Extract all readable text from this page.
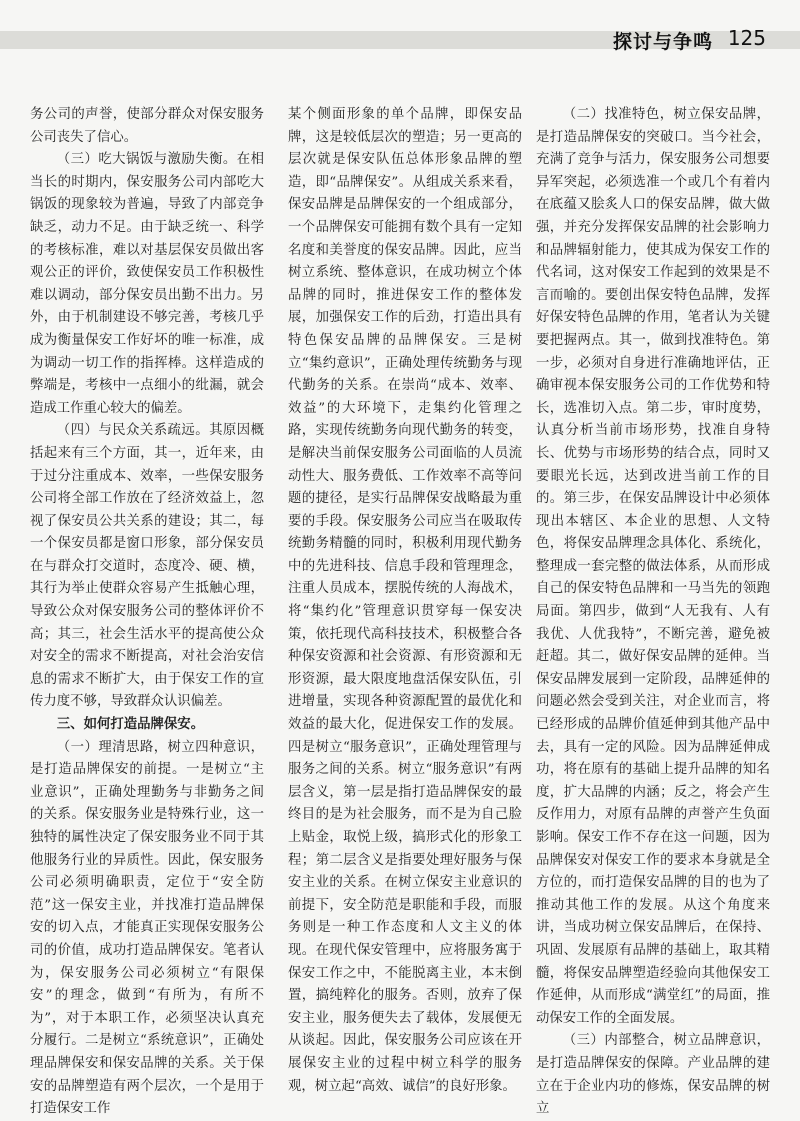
探讨与争鸣 125

务公司的声誉，使部分群众对保安服务公司丧失了信心。

（三）吃大锅饭与激励失衡。在相当长的时期内，保安服务公司内部吃大锅饭的现象较为普遍，导致了内部竞争缺乏，动力不足。由于缺乏统一、科学的考核标准，难以对基层保安员做出客观公正的评价，致使保安员工作积极性难以调动，部分保安员出勤不出力。另外，由于机制建设不够完善，考核几乎成为衡量保安工作好坏的唯一标准，成为调动一切工作的指挥棒。这样造成的弊端是，考核中一点细小的纰漏，就会造成工作重心较大的偏差。

（四）与民众关系疏远。其原因概括起来有三个方面，其一，近年来，由于过分注重成本、效率，一些保安服务公司将全部工作放在了经济效益上，忽视了保安员公共关系的建设；其二，每一个保安员都是窗口形象，部分保安员在与群众打交道时，态度冷、硬、横，其行为举止使群众容易产生抵触心理，导致公众对保安服务公司的整体评价不高；其三，社会生活水平的提高使公众对安全的需求不断提高，对社会治安信息的需求不断扩大，由于保安工作的宣传力度不够，导致群众认识偏差。

三、如何打造品牌保安。

（一）理清思路，树立四种意识，是打造品牌保安的前提。一是树立“主业意识”，正确处理勤务与非勤务之间的关系。保安服务业是特殊行业，这一独特的属性决定了保安服务业不同于其他服务行业的异质性。因此，保安服务公司必须明确职责，定位于“安全防范”这一保安主业，并找准打造品牌保安的切入点，才能真正实现保安服务公司的价值，成功打造品牌保安。笔者认为，保安服务公司必须树立“有限保安”的理念，做到“有所为，有所不为”，对于本职工作，必须坚决认真充分履行。二是树立“系统意识”，正确处理品牌保安和保安品牌的关系。关于保安的品牌塑造有两个层次，一个是用于打造保安工作

某个侧面形象的单个品牌，即保安品牌，这是较低层次的塑造；另一更高的层次就是保安队伍总体形象品牌的塑造，即“品牌保安”。从组成关系来看，保安品牌是品牌保安的一个组成部分，一个品牌保安可能拥有数个具有一定知名度和美誉度的保安品牌。因此，应当树立系统、整体意识，在成功树立个体品牌的同时，推进保安工作的整体发展，加强保安工作的后劲，打造出具有特色保安品牌的品牌保安。三是树立“集约意识”，正确处理传统勤务与现代勤务的关系。在崇尚“成本、效率、效益”的大环境下，走集约化管理之路，实现传统勤务向现代勤务的转变，是解决当前保安服务公司面临的人员流动性大、服务费低、工作效率不高等问题的捷径，是实行品牌保安战略最为重要的手段。保安服务公司应当在吸取传统勤务精髓的同时，积极利用现代勤务中的先进科技、信息手段和管理理念，注重人员成本，摆脱传统的人海战术，将“集约化”管理意识贯穿每一保安决策，依托现代高科技技术，积极整合各种保安资源和社会资源、有形资源和无形资源，最大限度地盘活保安队伍，引进增量，实现各种资源配置的最优化和效益的最大化，促进保安工作的发展。四是树立“服务意识”，正确处理管理与服务之间的关系。树立“服务意识”有两层含义，第一层是指打造品牌保安的最终目的是为社会服务，而不是为自己脸上贴金，取悦上级，搞形式化的形象工程；第二层含义是指要处理好服务与保安主业的关系。在树立保安主业意识的前提下，安全防范是职能和手段，而服务则是一种工作态度和人文主义的体现。在现代保安管理中，应将服务寓于保安工作之中，不能脱离主业，本末倒置，搞纯粹化的服务。否则，放弃了保安主业，服务便失去了载体，发展便无从谈起。因此，保安服务公司应该在开展保安主业的过程中树立科学的服务观，树立起“高效、诚信”的良好形象。

（二）找准特色，树立保安品牌，是打造品牌保安的突破口。当今社会，充满了竞争与活力，保安服务公司想要异军突起，必须选准一个或几个有着内在底蕴又脍炙人口的保安品牌，做大做强，并充分发挥保安品牌的社会影响力和品牌辐射能力，使其成为保安工作的代名词，这对保安工作起到的效果是不言而喻的。要创出保安特色品牌，发挥好保安特色品牌的作用，笔者认为关键要把握两点。其一，做到找准特色。第一步，必须对自身进行准确地评估，正确审视本保安服务公司的工作优势和特长，选准切入点。第二步，审时度势，认真分析当前市场形势，找准自身特长、优势与市场形势的结合点，同时又要眼光长远，达到改进当前工作的目的。第三步，在保安品牌设计中必须体现出本辖区、本企业的思想、人文特色，将保安品牌理念具体化、系统化，整理成一套完整的做法体系，从而形成自己的保安特色品牌和一马当先的领跑局面。第四步，做到“人无我有、人有我优、人优我特”，不断完善，避免被赶超。其二，做好保安品牌的延伸。当保安品牌发展到一定阶段，品牌延伸的问题必然会受到关注，对企业而言，将已经形成的品牌价值延伸到其他产品中去，具有一定的风险。因为品牌延伸成功，将在原有的基础上提升品牌的知名度，扩大品牌的内涵；反之，将会产生反作用力，对原有品牌的声誉产生负面影响。保安工作不存在这一问题，因为品牌保安对保安工作的要求本身就是全方位的，而打造保安品牌的目的也为了推动其他工作的发展。从这个角度来讲，当成功树立保安品牌后，在保持、巩固、发展原有品牌的基础上，取其精髓，将保安品牌塑造经验向其他保安工作延伸，从而形成“满堂红”的局面，推动保安工作的全面发展。

（三）内部整合，树立品牌意识，是打造品牌保安的保障。产业品牌的建立在于企业内功的修炼，保安品牌的树立
